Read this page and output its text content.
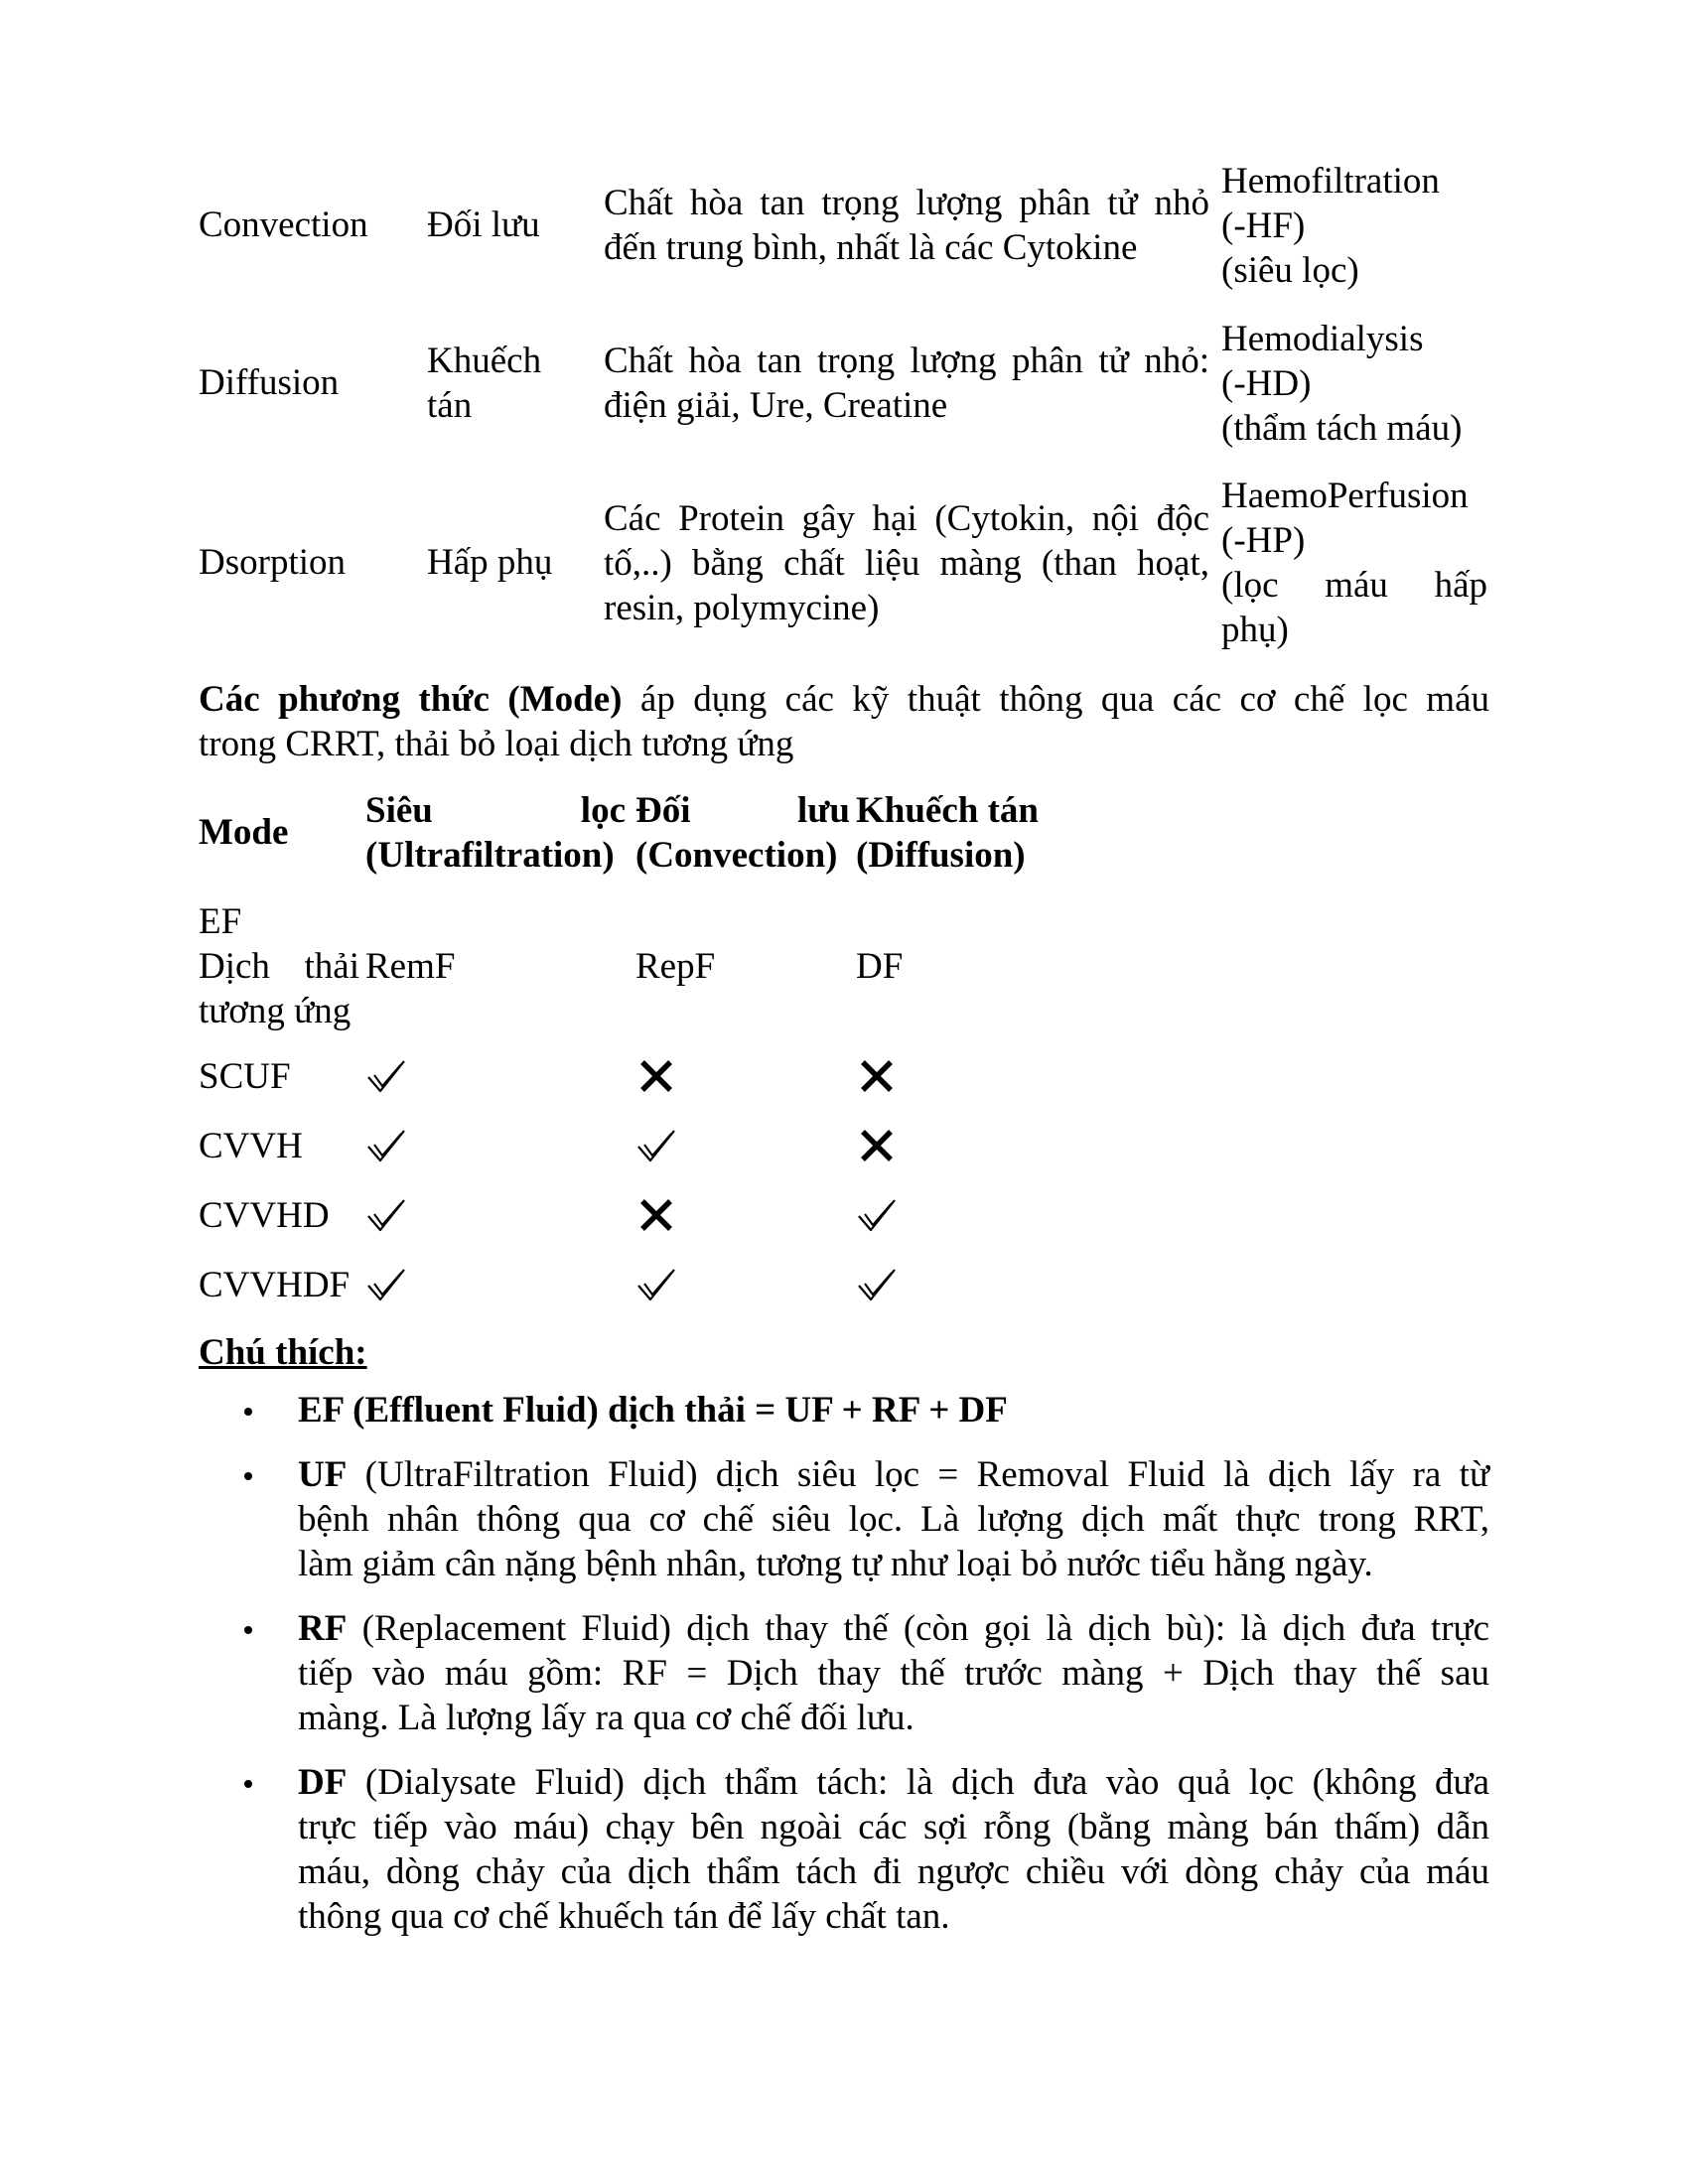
Convection Đối lưu
Chất hòa tan trọng lượng phân tử nhỏ
đến trung bình, nhất là các Cytokine
Hemofiltration
(-HF)
(siêu lọc)
Diffusion
Khuếch
tán
Chất hòa tan trọng lượng phân tử nhỏ:
điện giải, Ure, Creatine
Hemodialysis
(-HD)
(thẩm tách máu)
Dsorption Hấp phụ
Các Protein gây hại (Cytokin, nội độc
tố,..) bằng chất liệu màng (than hoạt,
resin, polymycine)
HaemoPerfusion
(-HP)
(lọc máu hấp
phụ)
Các phương thức (Mode) áp dụng các kỹ thuật thông qua các cơ chế lọc máu
trong CRRT, thải bỏ loại dịch tương ứng
Mode
Siêu lọc
(Ultrafiltration)
Đối lưu
(Convection)
Khuếch tán
(Diffusion)
EF
Dịch thải
tương ứng
RemF	RepF	DF
SCUF
CVVH
CVVHD
CVVHDF
Chú thích:
EF (Effluent Fluid) dịch thải = UF + RF + DF
UF (UltraFiltration Fluid) dịch siêu lọc = Removal Fluid là dịch lấy ra từ
bệnh nhân thông qua cơ chế siêu lọc. Là lượng dịch mất thực trong RRT,
làm giảm cân nặng bệnh nhân, tương tự như loại bỏ nước tiểu hằng ngày.
RF (Replacement Fluid) dịch thay thế (còn gọi là dịch bù): là dịch đưa trực
tiếp vào máu gồm: RF = Dịch thay thế trước màng + Dịch thay thế sau
màng. Là lượng lấy ra qua cơ chế đối lưu.
DF (Dialysate Fluid) dịch thẩm tách: là dịch đưa vào quả lọc (không đưa
trực tiếp vào máu) chạy bên ngoài các sợi rỗng (bằng màng bán thấm) dẫn
máu, dòng chảy của dịch thẩm tách đi ngược chiều với dòng chảy của máu
thông qua cơ chế khuếch tán để lấy chất tan.
